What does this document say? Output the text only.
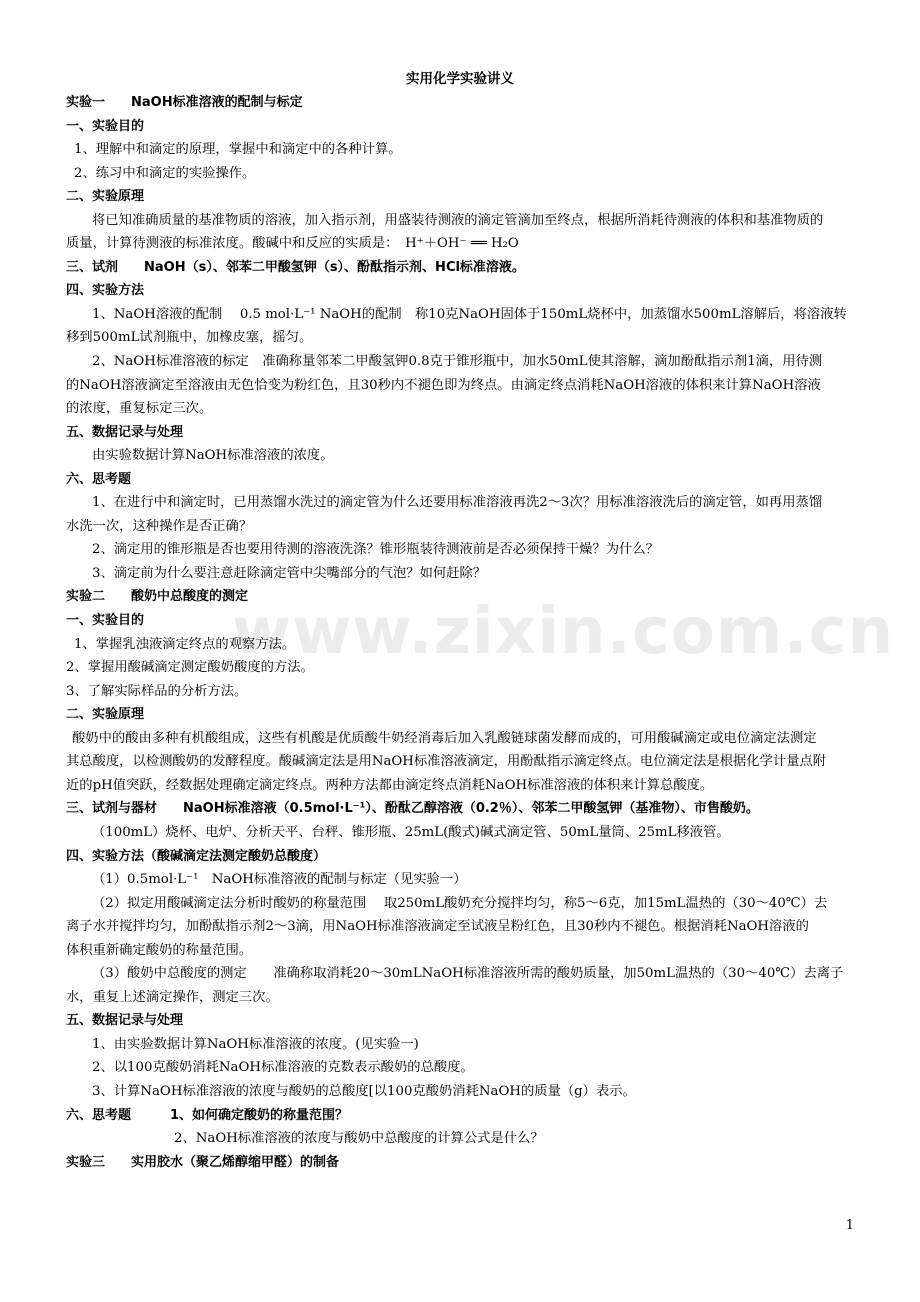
www.zixin.com.cn
实用化学实验讲义
实验一　　NaOH标准溶液的配制与标定
一、实验目的
1、理解中和滴定的原理，掌握中和滴定中的各种计算。
2、练习中和滴定的实验操作。
二、实验原理
将已知准确质量的基准物质的溶液，加入指示剂，用盛装待测液的滴定管滴加至终点，根据所消耗待测液的体积和基准物质的
质量，计算待测液的标准浓度。酸碱中和反应的实质是：　H⁺＋OH⁻ ══ H₂O
三、试剂　　NaOH（s）、邻苯二甲酸氢钾（s）、酚酞指示剂、HCl标准溶液。
四、实验方法
1、NaOH溶液的配制　 0.5 mol·L⁻¹ NaOH的配制　称10克NaOH固体于150mL烧杯中，加蒸馏水500mL溶解后，将溶液转
移到500mL试剂瓶中，加橡皮塞，摇匀。
2、NaOH标准溶液的标定　准确称量邻苯二甲酸氢钾0.8克于锥形瓶中，加水50mL使其溶解，滴加酚酞指示剂1滴，用待测
的NaOH溶液滴定至溶液由无色恰变为粉红色，且30秒内不褪色即为终点。由滴定终点消耗NaOH溶液的体积来计算NaOH溶液
的浓度，重复标定三次。
五、数据记录与处理
由实验数据计算NaOH标准溶液的浓度。
六、思考题
1、在进行中和滴定时，已用蒸馏水洗过的滴定管为什么还要用标准溶液再洗2～3次？用标准溶液洗后的滴定管，如再用蒸馏
水洗一次，这种操作是否正确？
2、滴定用的锥形瓶是否也要用待测的溶液洗涤？锥形瓶装待测液前是否必须保持干燥？为什么？
3、滴定前为什么要注意赶除滴定管中尖嘴部分的气泡？如何赶除？
实验二　　酸奶中总酸度的测定
一、实验目的
1、掌握乳浊液滴定终点的观察方法。
2、掌握用酸碱滴定测定酸奶酸度的方法。
3、了解实际样品的分析方法。
二、实验原理
酸奶中的酸由多种有机酸组成，这些有机酸是优质酸牛奶经消毒后加入乳酸链球菌发酵而成的，可用酸碱滴定或电位滴定法测定
其总酸度，以检测酸奶的发酵程度。酸碱滴定法是用NaOH标准溶液滴定，用酚酞指示滴定终点。电位滴定法是根据化学计量点附
近的pH值突跃，经数据处理确定滴定终点。两种方法都由滴定终点消耗NaOH标准溶液的体积来计算总酸度。
三、试剂与器材　　NaOH标准溶液（0.5mol·L⁻¹）、酚酞乙醇溶液（0.2％）、邻苯二甲酸氢钾（基准物）、市售酸奶。
（100mL）烧杯、电炉、分析天平、台秤、锥形瓶、25mL(酸式)碱式滴定管、50mL量筒、25mL移液管。
四、实验方法（酸碱滴定法测定酸奶总酸度）
（1）0.5mol·L⁻¹　NaOH标准溶液的配制与标定（见实验一）
（2）拟定用酸碱滴定法分析时酸奶的称量范围　 取250mL酸奶充分搅拌均匀，称5～6克，加15mL温热的（30～40℃）去
离子水并搅拌均匀，加酚酞指示剂2～3滴，用NaOH标准溶液滴定至试液呈粉红色，且30秒内不褪色。根据消耗NaOH溶液的
体积重新确定酸奶的称量范围。
（3）酸奶中总酸度的测定　　准确称取消耗20～30mLNaOH标准溶液所需的酸奶质量，加50mL温热的（30～40℃）去离子
水，重复上述滴定操作，测定三次。
五、数据记录与处理
1、由实验数据计算NaOH标准溶液的浓度。(见实验一)
2、以100克酸奶消耗NaOH标准溶液的克数表示酸奶的总酸度。
3、计算NaOH标准溶液的浓度与酸奶的总酸度[以100克酸奶消耗NaOH的质量（g）表示。
六、思考题　　　1、如何确定酸奶的称量范围？
2、NaOH标准溶液的浓度与酸奶中总酸度的计算公式是什么？
实验三　　实用胶水（聚乙烯醇缩甲醛）的制备
1
